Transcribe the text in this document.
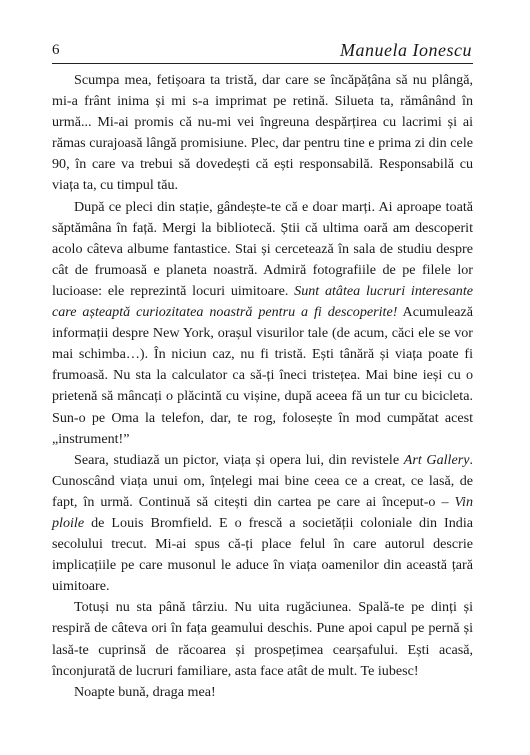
6	Manuela Ionescu

Scumpa mea, fetișoara ta tristă, dar care se încăpățâna să nu plângă, mi-a frânt inima și mi s-a imprimat pe retină. Silueta ta, rămânând în urmă... Mi-ai promis că nu-mi vei îngreuna despărțirea cu lacrimi și ai rămas curajoasă lângă promisiune. Plec, dar pentru tine e prima zi din cele 90, în care va trebui să dovedești că ești responsabilă. Responsabilă cu viața ta, cu timpul tău.

După ce pleci din stație, gândește-te că e doar marți. Ai aproape toată săptămâna în față. Mergi la bibliotecă. Știi că ultima oară am descoperit acolo câteva albume fantastice. Stai și cercetează în sala de studiu despre cât de frumoasă e planeta noastră. Admiră fotografiile de pe filele lor lucioase: ele reprezintă locuri uimitoare. Sunt atâtea lucruri interesante care așteaptă curiozitatea noastră pentru a fi descoperite! Acumulează informații despre New York, orașul visurilor tale (de acum, căci ele se vor mai schimba…). În niciun caz, nu fi tristă. Ești tânără și viața poate fi frumoasă. Nu sta la calculator ca să-ți îneci tristețea. Mai bine ieși cu o prietenă să mâncați o plăcintă cu vișine, după aceea fă un tur cu bicicleta. Sun-o pe Oma la telefon, dar, te rog, folosește în mod cumpătat acest „instrument!”

Seara, studiază un pictor, viața și opera lui, din revistele Art Gallery. Cunoscând viața unui om, înțelegi mai bine ceea ce a creat, ce lasă, de fapt, în urmă. Continuă să citești din cartea pe care ai început-o – Vin ploile de Louis Bromfield. E o frescă a societății coloniale din India secolului trecut. Mi-ai spus că-ți place felul în care autorul descrie implicațiile pe care musonul le aduce în viața oamenilor din această țară uimitoare.

Totuși nu sta până târziu. Nu uita rugăciunea. Spală-te pe dinți și respiră de câteva ori în fața geamului deschis. Pune apoi capul pe pernă și lasă-te cuprinsă de răcoarea și prospețimea cearșafului. Ești acasă, înconjurată de lucruri familiare, asta face atât de mult. Te iubesc!

Noapte bună, draga mea!
